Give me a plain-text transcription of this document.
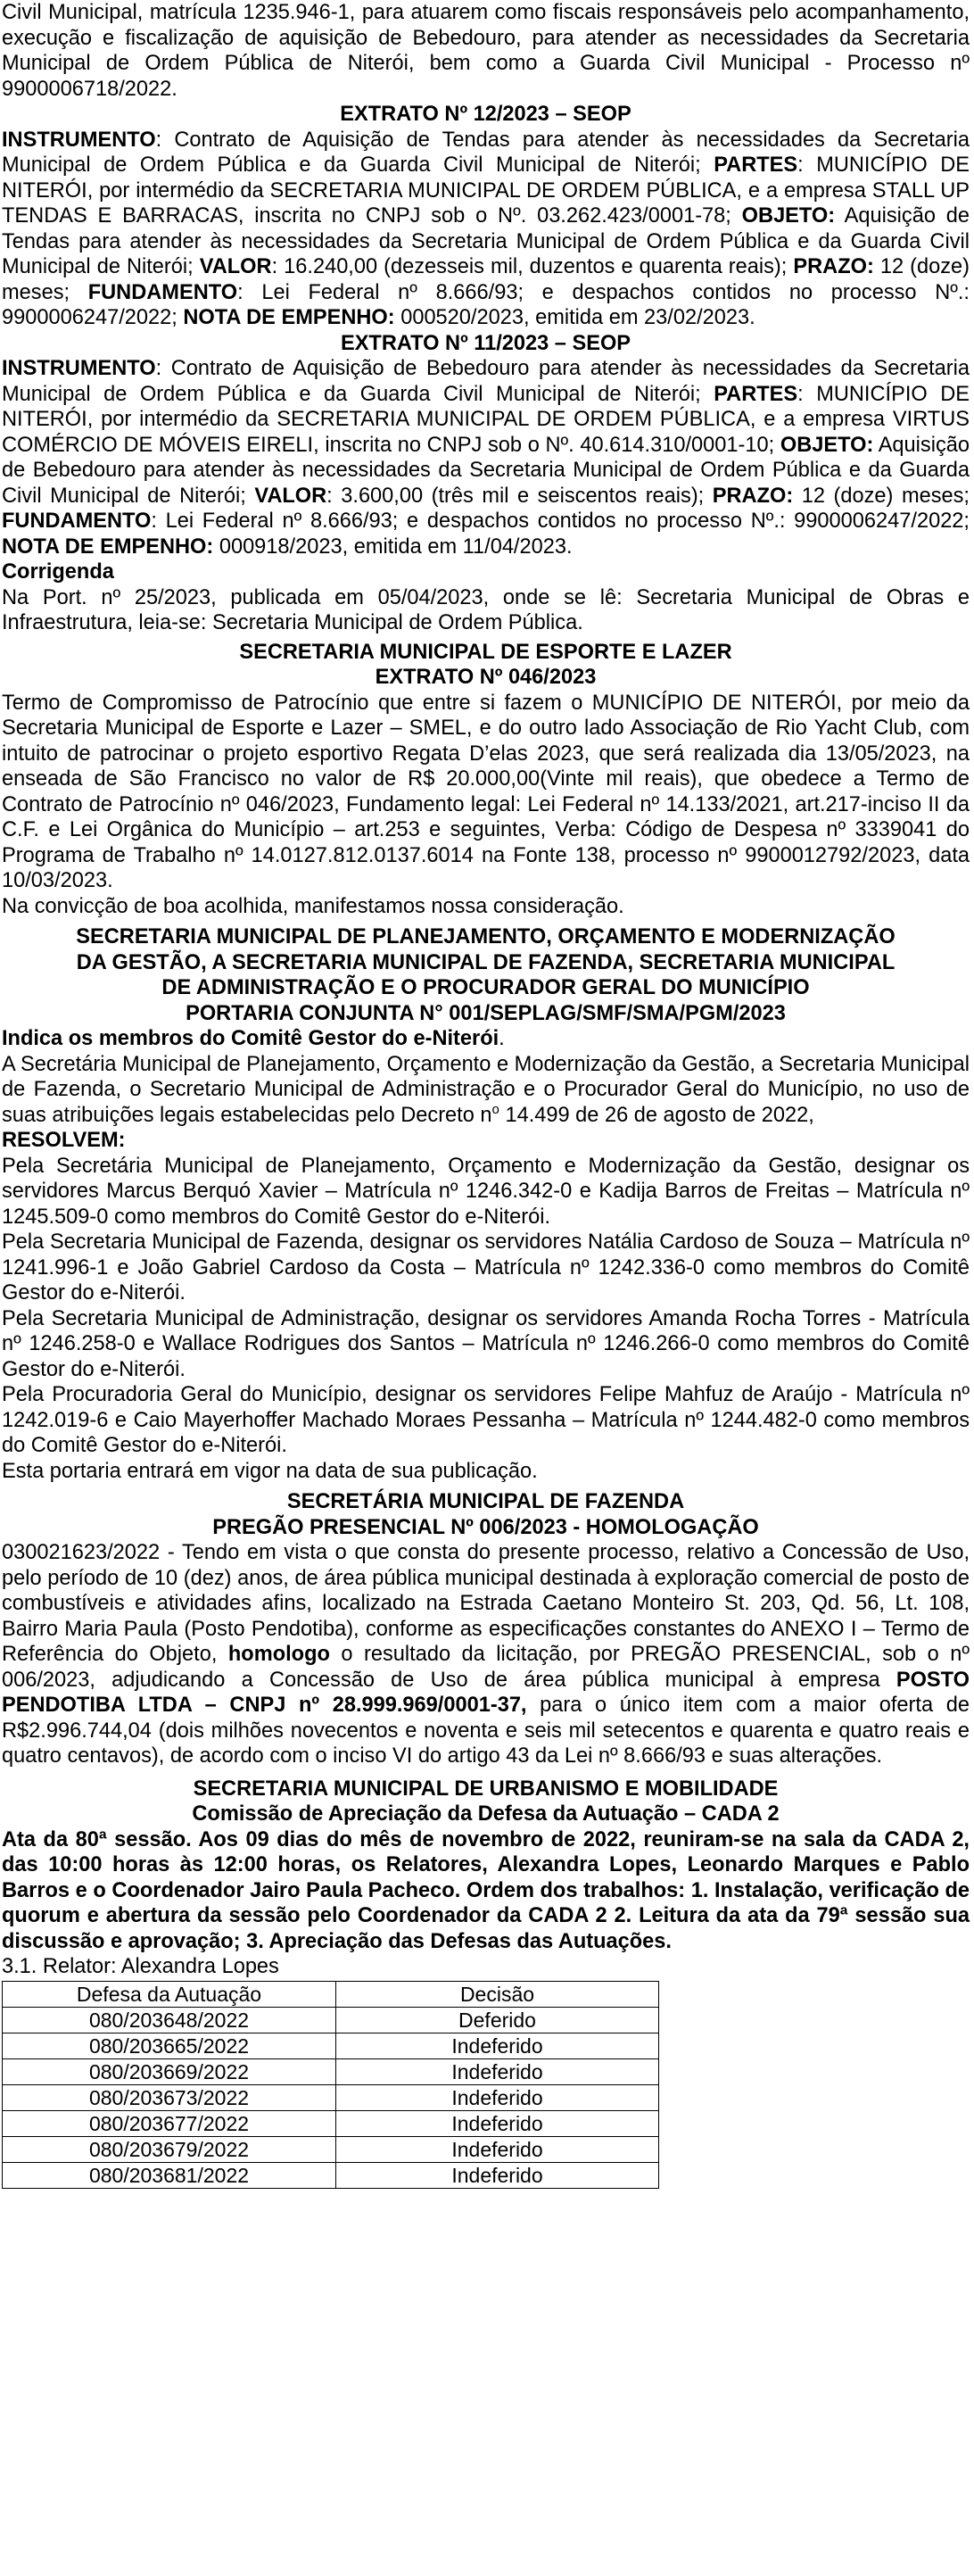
Civil Municipal, matrícula 1235.946-1, para atuarem como fiscais responsáveis pelo acompanhamento, execução e fiscalização de aquisição de Bebedouro, para atender as necessidades da Secretaria Municipal de Ordem Pública de Niterói, bem como a Guarda Civil Municipal - Processo nº 9900006718/2022.

EXTRATO Nº 12/2023 – SEOP

INSTRUMENTO: Contrato de Aquisição de Tendas para atender às necessidades da Secretaria Municipal de Ordem Pública e da Guarda Civil Municipal de Niterói; PARTES: MUNICÍPIO DE NITERÓI, por intermédio da SECRETARIA MUNICIPAL DE ORDEM PÚBLICA, e a empresa STALL UP TENDAS E BARRACAS, inscrita no CNPJ sob o Nº. 03.262.423/0001-78; OBJETO: Aquisição de Tendas para atender às necessidades da Secretaria Municipal de Ordem Pública e da Guarda Civil Municipal de Niterói; VALOR: 16.240,00 (dezesseis mil, duzentos e quarenta reais); PRAZO: 12 (doze) meses; FUNDAMENTO: Lei Federal nº 8.666/93; e despachos contidos no processo Nº.: 9900006247/2022; NOTA DE EMPENHO: 000520/2023, emitida em 23/02/2023.

EXTRATO Nº 11/2023 – SEOP

INSTRUMENTO: Contrato de Aquisição de Bebedouro para atender às necessidades da Secretaria Municipal de Ordem Pública e da Guarda Civil Municipal de Niterói; PARTES: MUNICÍPIO DE NITERÓI, por intermédio da SECRETARIA MUNICIPAL DE ORDEM PÚBLICA, e a empresa VIRTUS COMÉRCIO DE MÓVEIS EIRELI, inscrita no CNPJ sob o Nº. 40.614.310/0001-10; OBJETO: Aquisição de Bebedouro para atender às necessidades da Secretaria Municipal de Ordem Pública e da Guarda Civil Municipal de Niterói; VALOR: 3.600,00 (três mil e seiscentos reais); PRAZO: 12 (doze) meses; FUNDAMENTO: Lei Federal nº 8.666/93; e despachos contidos no processo Nº.: 9900006247/2022; NOTA DE EMPENHO: 000918/2023, emitida em 11/04/2023.

Corrigenda

Na Port. nº 25/2023, publicada em 05/04/2023, onde se lê: Secretaria Municipal de Obras e Infraestrutura, leia-se: Secretaria Municipal de Ordem Pública.

SECRETARIA MUNICIPAL DE ESPORTE E LAZER

EXTRATO Nº 046/2023

Termo de Compromisso de Patrocínio que entre si fazem o MUNICÍPIO DE NITERÓI, por meio da Secretaria Municipal de Esporte e Lazer – SMEL, e do outro lado Associação de Rio Yacht Club, com intuito de patrocinar o projeto esportivo Regata D’elas 2023, que será realizada dia 13/05/2023, na enseada de São Francisco no valor de R$ 20.000,00(Vinte mil reais), que obedece a Termo de Contrato de Patrocínio nº 046/2023, Fundamento legal: Lei Federal nº 14.133/2021, art.217-inciso II da C.F. e Lei Orgânica do Município – art.253 e seguintes, Verba: Código de Despesa nº 3339041 do Programa de Trabalho nº 14.0127.812.0137.6014 na Fonte 138, processo nº 9900012792/2023, data 10/03/2023.

Na convicção de boa acolhida, manifestamos nossa consideração.

SECRETARIA MUNICIPAL DE PLANEJAMENTO, ORÇAMENTO E MODERNIZAÇÃO

DA GESTÃO, A SECRETARIA MUNICIPAL DE FAZENDA, SECRETARIA MUNICIPAL

DE ADMINISTRAÇÃO E O PROCURADOR GERAL DO MUNICÍPIO

PORTARIA CONJUNTA N° 001/SEPLAG/SMF/SMA/PGM/2023

Indica os membros do Comitê Gestor do e-Niterói.

A Secretária Municipal de Planejamento, Orçamento e Modernização da Gestão, a Secretaria Municipal de Fazenda, o Secretario Municipal de Administração e o Procurador Geral do Município, no uso de suas atribuições legais estabelecidas pelo Decreto $n^o$ 14.499 de 26 de agosto de 2022,

RESOLVEM:

Pela Secretária Municipal de Planejamento, Orçamento e Modernização da Gestão, designar os servidores Marcus Berquó Xavier – Matrícula nº 1246.342-0 e Kadija Barros de Freitas – Matrícula nº 1245.509-0 como membros do Comitê Gestor do e-Niterói.

Pela Secretaria Municipal de Fazenda, designar os servidores Natália Cardoso de Souza – Matrícula nº 1241.996-1 e João Gabriel Cardoso da Costa – Matrícula nº 1242.336-0 como membros do Comitê Gestor do e-Niterói.

Pela Secretaria Municipal de Administração, designar os servidores Amanda Rocha Torres - Matrícula nº 1246.258-0 e Wallace Rodrigues dos Santos – Matrícula nº 1246.266-0 como membros do Comitê Gestor do e-Niterói.

Pela Procuradoria Geral do Município, designar os servidores Felipe Mahfuz de Araújo - Matrícula nº 1242.019-6 e Caio Mayerhoffer Machado Moraes Pessanha – Matrícula nº 1244.482-0 como membros do Comitê Gestor do e-Niterói.

Esta portaria entrará em vigor na data de sua publicação.

SECRETÁRIA MUNICIPAL DE FAZENDA

PREGÃO PRESENCIAL Nº 006/2023 - HOMOLOGAÇÃO

030021623/2022 - Tendo em vista o que consta do presente processo, relativo a Concessão de Uso, pelo período de 10 (dez) anos, de área pública municipal destinada à exploração comercial de posto de combustíveis e atividades afins, localizado na Estrada Caetano Monteiro St. 203, Qd. 56, Lt. 108, Bairro Maria Paula (Posto Pendotiba), conforme as especificações constantes do ANEXO I – Termo de Referência do Objeto, homologo o resultado da licitação, por PREGÃO PRESENCIAL, sob o nº 006/2023, adjudicando a Concessão de Uso de área pública municipal à empresa POSTO PENDOTIBA LTDA – CNPJ nº 28.999.969/0001-37, para o único item com a maior oferta de R$2.996.744,04 (dois milhões novecentos e noventa e seis mil setecentos e quarenta e quatro reais e quatro centavos), de acordo com o inciso VI do artigo 43 da Lei nº 8.666/93 e suas alterações.

SECRETARIA MUNICIPAL DE URBANISMO E MOBILIDADE

Comissão de Apreciação da Defesa da Autuação – CADA 2

Ata da 80ª sessão. Aos 09 dias do mês de novembro de 2022, reuniram-se na sala da CADA 2, das 10:00 horas às 12:00 horas, os Relatores, Alexandra Lopes, Leonardo Marques e Pablo Barros e o Coordenador Jairo Paula Pacheco. Ordem dos trabalhos: 1. Instalação, verificação de quorum e abertura da sessão pelo Coordenador da CADA 2 2. Leitura da ata da 79ª sessão sua discussão e aprovação; 3. Apreciação das Defesas das Autuações.

3.1. Relator: Alexandra Lopes

Defesa da Autuação	Decisão
080/203648/2022	Deferido
080/203665/2022	Indeferido
080/203669/2022	Indeferido
080/203673/2022	Indeferido
080/203677/2022	Indeferido
080/203679/2022	Indeferido
080/203681/2022	Indeferido
